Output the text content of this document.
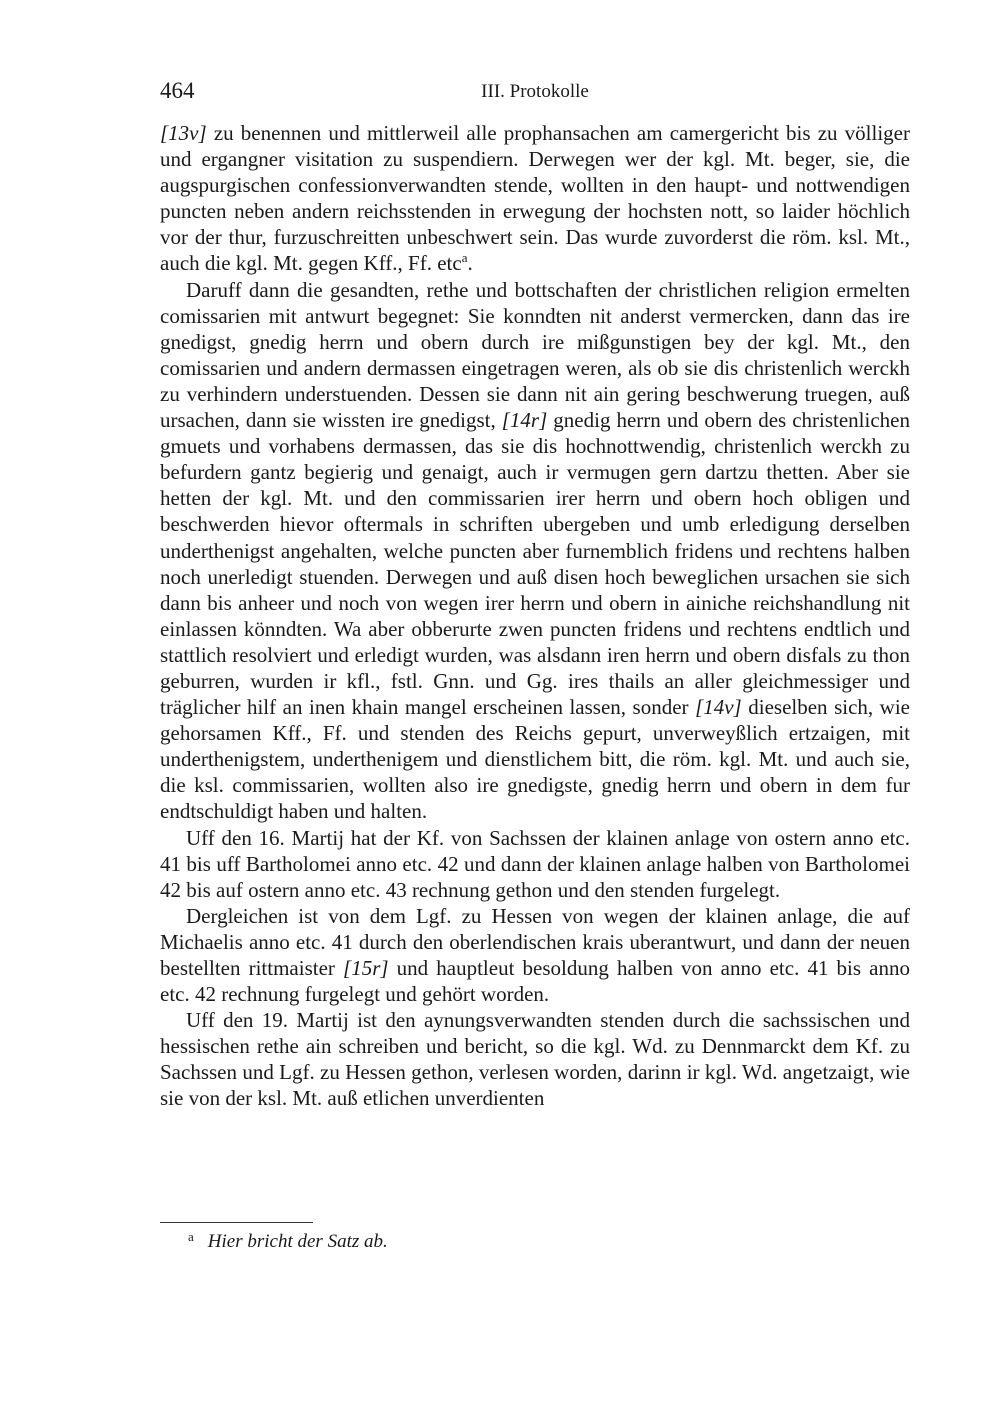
464	III. Protokolle

[13v] zu benennen und mittlerweil alle prophansachen am camergericht bis zu völliger und ergangner visitation zu suspendiern. Derwegen wer der kgl. Mt. beger, sie, die augspurgischen confessionverwandten stende, wollten in den haupt- und nottwendigen puncten neben andern reichsstenden in erwegung der hochsten nott, so laider höchlich vor der thur, furzuschreitten unbeschwert sein. Das wurde zuvorderst die röm. ksl. Mt., auch die kgl. Mt. gegen Kff., Ff. etc$^a$.

Daruff dann die gesandten, rethe und bottschaften der christlichen religion ermelten comissarien mit antwurt begegnet: Sie konndten nit anderst vermercken, dann das ire gnedigst, gnedig herrn und obern durch ire mißgunstigen bey der kgl. Mt., den comissarien und andern dermassen eingetragen weren, als ob sie dis christenlich werckh zu verhindern understuenden. Dessen sie dann nit ain gering beschwerung truegen, auß ursachen, dann sie wissten ire gnedigst, [14r] gnedig herrn und obern des christenlichen gmuets und vorhabens dermassen, das sie dis hochnottwendig, christenlich werckh zu befurdern gantz begierig und genaigt, auch ir vermugen gern dartzu thetten. Aber sie hetten der kgl. Mt. und den commissarien irer herrn und obern hoch obligen und beschwerden hievor oftermals in schriften ubergeben und umb erledigung derselben underthenigst angehalten, welche puncten aber furnemblich fridens und rechtens halben noch unerledigt stuenden. Derwegen und auß disen hoch beweglichen ursachen sie sich dann bis anheer und noch von wegen irer herrn und obern in ainiche reichshandlung nit einlassen könndten. Wa aber obberurte zwen puncten fridens und rechtens endtlich und stattlich resolviert und erledigt wurden, was alsdann iren herrn und obern disfals zu thon geburren, wurden ir kfl., fstl. Gnn. und Gg. ires thails an aller gleichmessiger und träglicher hilf an inen khain mangel erscheinen lassen, sonder [14v] dieselben sich, wie gehorsamen Kff., Ff. und stenden des Reichs gepurt, unverweyßlich ertzaigen, mit underthenigstem, underthenigem und dienstlichem bitt, die röm. kgl. Mt. und auch sie, die ksl. commissarien, wollten also ire gnedigste, gnedig herrn und obern in dem fur endtschuldigt haben und halten.

Uff den 16. Martij hat der Kf. von Sachssen der klainen anlage von ostern anno etc. 41 bis uff Bartholomei anno etc. 42 und dann der klainen anlage halben von Bartholomei 42 bis auf ostern anno etc. 43 rechnung gethon und den stenden furgelegt.

Dergleichen ist von dem Lgf. zu Hessen von wegen der klainen anlage, die auf Michaelis anno etc. 41 durch den oberlendischen krais uberantwurt, und dann der neuen bestellten rittmaister [15r] und hauptleut besoldung halben von anno etc. 41 bis anno etc. 42 rechnung furgelegt und gehört worden.

Uff den 19. Martij ist den aynungsverwandten stenden durch die sachssischen und hessischen rethe ain schreiben und bericht, so die kgl. Wd. zu Dennmarckt dem Kf. zu Sachssen und Lgf. zu Hessen gethon, verlesen worden, darinn ir kgl. Wd. angetzaigt, wie sie von der ksl. Mt. auß etlichen unverdienten

$^a$ Hier bricht der Satz ab.
